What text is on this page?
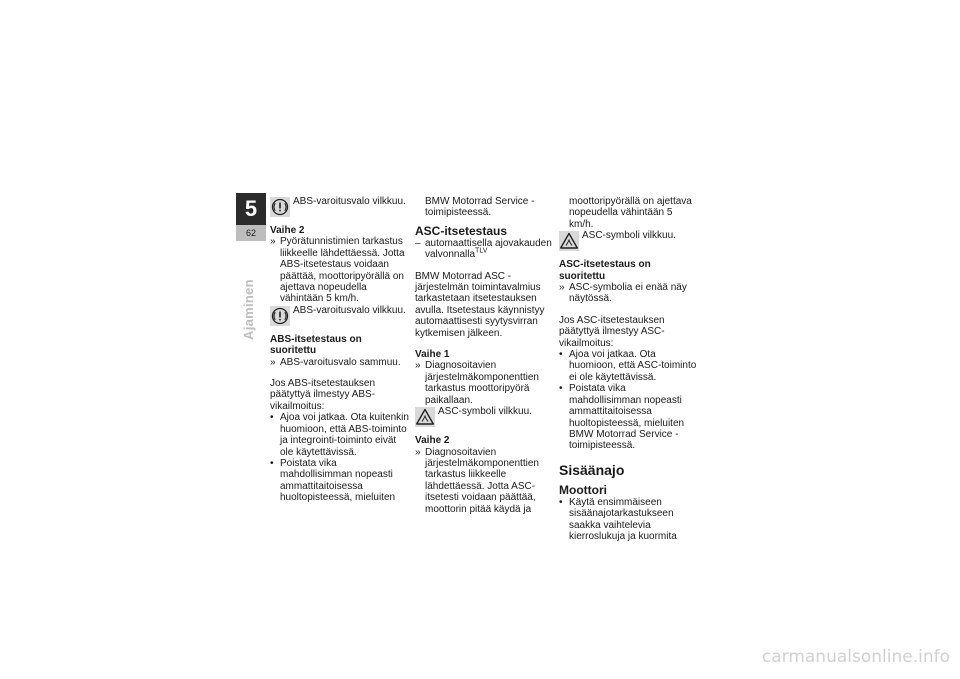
5
62
Ajaminen
ABS-varoitusvalo vilkkuu.
Vaihe 2
» Pyörätunnistimien tarkastus liikkeelle lähdettäessä. Jotta ABS-itsetestaus voidaan päättää, moottoripyörällä on ajettava nopeudella vähintään 5 km/h.
ABS-varoitusvalo vilkkuu.
ABS-itsetestaus on suoritettu
» ABS-varoitusvalo sammuu.

Jos ABS-itsetestauksen päätyttyä ilmestyy ABS-vikailmoitus:

• Ajoa voi jatkaa. Ota kuitenkin huomioon, että ABS-toiminto ja integrointi-toiminto eivät ole käytettävissä.
• Poistata vika mahdollisimman nopeasti ammattitaitoisessa huoltopisteessä, mieluiten

BMW Motorrad Service -toimipisteessä.

ASC-itsetestaus
– automaattisella ajovakauden valvonnalla$^{TLV}$

BMW Motorrad ASC -järjestelmän toimintavalmius tarkastetaan itsetestauksen avulla. Itsetestaus käynnistyy automaattisesti syytysvirran kytkemisen jälkeen.

Vaihe 1
» Diagnosoitavien järjestelmäkomponenttien tarkastus moottoripyörä paikallaan.
ASC-symboli vilkkuu.
Vaihe 2
» Diagnosoitavien järjestelmäkomponenttien tarkastus liikkeelle lähdettäessä. Jotta ASC-itsetesti voidaan päättää, moottorin pitää käydä ja

moottoripyörällä on ajettava nopeudella vähintään 5 km/h.

ASC-symboli vilkkuu.
ASC-itsetestaus on suoritettu
» ASC-symbolia ei enää näy näytössä.

Jos ASC-itsetestauksen päätyttyä ilmestyy ASC-vikailmoitus:

• Ajoa voi jatkaa. Ota huomioon, että ASC-toiminto ei ole käytettävissä.
• Poistata vika mahdollisimman nopeasti ammattitaitoisessa huoltopisteessä, mieluiten BMW Motorrad Service -toimipisteessä.
Sisäänajo
Moottori
• Käytä ensimmäiseen sisäänajotarkastukseen saakka vaihtelevia kierroslukuja ja kuormita
carmanualsonline.info
